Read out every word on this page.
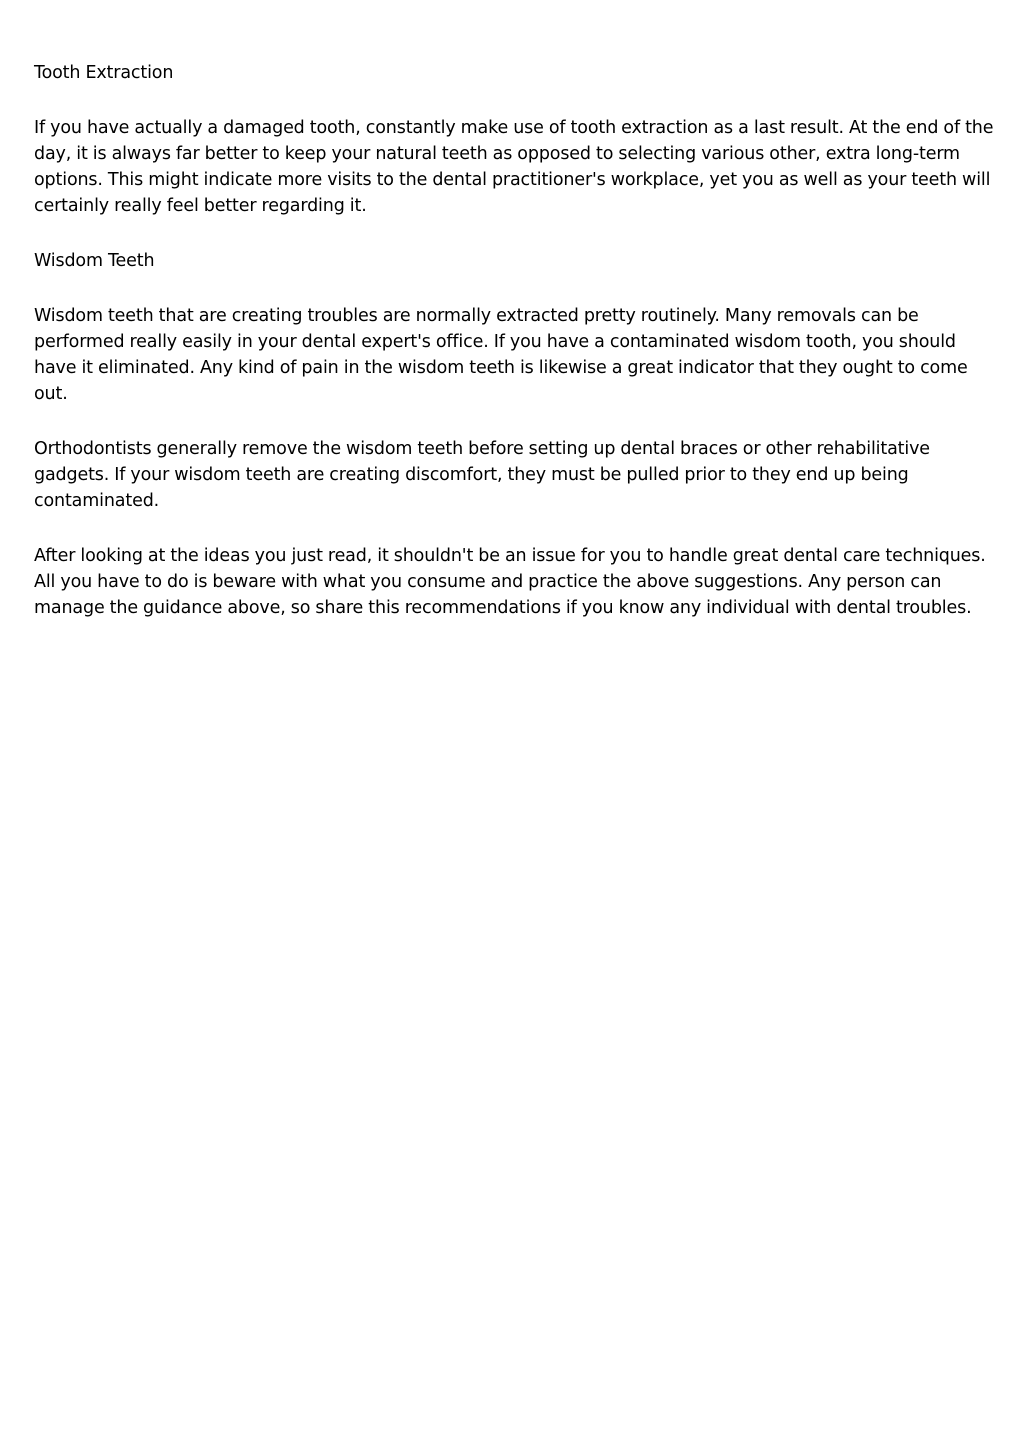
Tooth Extraction
If you have actually a damaged tooth, constantly make use of tooth extraction as a last result. At the end of the day, it is always far better to keep your natural teeth as opposed to selecting various other, extra long-term options. This might indicate more visits to the dental practitioner's workplace, yet you as well as your teeth will certainly really feel better regarding it.
Wisdom Teeth
Wisdom teeth that are creating troubles are normally extracted pretty routinely. Many removals can be performed really easily in your dental expert's office. If you have a contaminated wisdom tooth, you should have it eliminated. Any kind of pain in the wisdom teeth is likewise a great indicator that they ought to come out.
Orthodontists generally remove the wisdom teeth before setting up dental braces or other rehabilitative gadgets. If your wisdom teeth are creating discomfort, they must be pulled prior to they end up being contaminated.
After looking at the ideas you just read, it shouldn't be an issue for you to handle great dental care techniques. All you have to do is beware with what you consume and practice the above suggestions. Any person can manage the guidance above, so share this recommendations if you know any individual with dental troubles.
